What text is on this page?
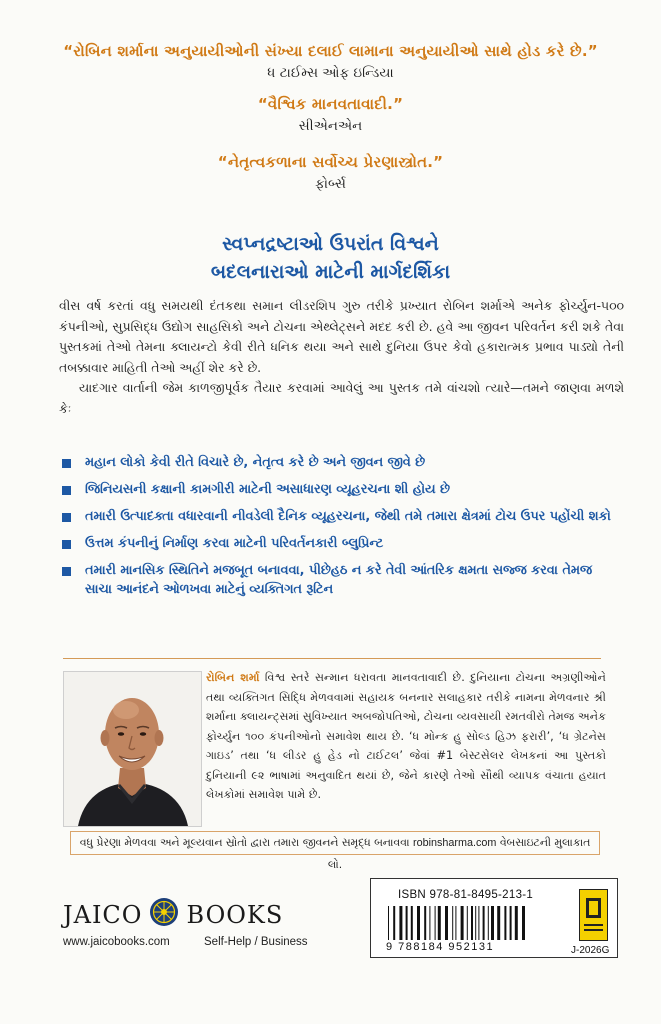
“રોબિન શર્માના અનુયાયીઓની સંખ્યા દલાઈ લામાના અનુયાયીઓ સાથે હોડ કરે છે.”
ધ ટાઈમ્સ ઓફ ઇન્ડિયા
“વૈશ્વિક માનવતાવાદી.”
સીએનએન
“નેતૃત્વકળાના સર્વોચ્ચ પ્રેરણાસ્ત્રોત.”
ફોર્બ્સ
સ્વપ્નદ્રષ્ટાઓ ઉપરાંત વિશ્વને
બદલનારાઓ માટેની માર્ગદર્શિકા

વીસ વર્ષ કરતાં વધુ સમયથી દંતકથા સમાન લીડરશિપ ગુરુ તરીકે પ્રખ્યાત રોબિન શર્માએ અનેક ફોર્ચ્યુન-૫૦૦ કંપનીઓ, સુપ્રસિદ્ધ ઉદ્યોગ સાહસિકો અને ટોચના એથ્લેટ્સને મદદ કરી છે. હવે આ જીવન પરિવર્તન કરી શકે તેવા પુસ્તકમાં તેઓ તેમના ક્લાયન્ટો કેવી રીતે ધનિક થયા અને સાથે દુનિયા ઉપર કેવો હકારાત્મક પ્રભાવ પાડ્યો તેની તબક્કાવાર માહિતી તેઓ અહીં શેર કરે છે.

યાદગાર વાર્તાની જેમ કાળજીપૂર્વક તૈયાર કરવામાં આવેલું આ પુસ્તક તમે વાંચશો ત્યારે—તમને જાણવા મળશે કેઃ

મહાન લોકો કેવી રીતે વિચારે છે, નેતૃત્વ કરે છે અને જીવન જીવે છે
જિનિયસની કક્ષાની કામગીરી માટેની અસાધારણ વ્યૂહરચના શી હોય છે
તમારી ઉત્પાદક્તા વધારવાની નીવડેલી દૈનિક વ્યૂહરચના, જેથી તમે તમારા ક્ષેત્રમાં ટોચ ઉપર પહોંચી શકો
ઉત્તમ કંપનીનું નિર્માણ કરવા માટેની પરિવર્તનકારી બ્લુપ્રિન્ટ
તમારી માનસિક સ્થિતિને મજબૂત બનાવવા, પીછેહઠ ન કરે તેવી આંતરિક ક્ષમતા સજ્જ કરવા તેમજ સાચા આનંદને ઓળખવા માટેનું વ્યક્તિગત રૂટિન
રોબિન શર્મા વિશ્વ સ્તરે સન્માન ધરાવતા માનવતાવાદી છે. દુનિયાના ટોચના અગ્રણીઓને તથા વ્યક્તિગત સિદ્ધિ મેળવવામાં સહાયક બનનાર સલાહકાર તરીકે નામના મેળવનાર શ્રી શર્માના ક્લાયન્ટ્સમાં સુવિખ્યાત અબજોપતિઓ, ટોચના વ્યવસાયી રમતવીરો તેમજ અનેક ફોર્ચ્યુન ૧૦૦ કંપનીઓનો સમાવેશ થાય છે. ‘ધ મોન્ક હુ સોલ્ડ હિઝ ફરારી’, ‘ધ ગ્રેટનેસ ગાઇડ’ તથા ‘ધ લીડર હુ હેડ નો ટાઈટલ’ જેવાં #1 બેસ્ટસેલર લેખકનાં આ પુસ્તકો દુનિયાની ૯૨ ભાષામાં અનુવાદિત થયાં છે, જેને કારણે તેઓ સૌથી વ્યાપક વંચાતા હયાત લેખકોમાં સમાવેશ પામે છે.
વધુ પ્રેરણા મેળવવા અને મૂલ્યવાન સ્રોતો દ્વારા તમારા જીવનને સમૃદ્ધ બનાવવા robinsharma.com વેબસાઇટની મુલાકાત લો.
JAICO BOOKS
www.jaicobooks.com	Self-Help / Business
ISBN 978-81-8495-213-1
9 788184 952131	J-2026G
